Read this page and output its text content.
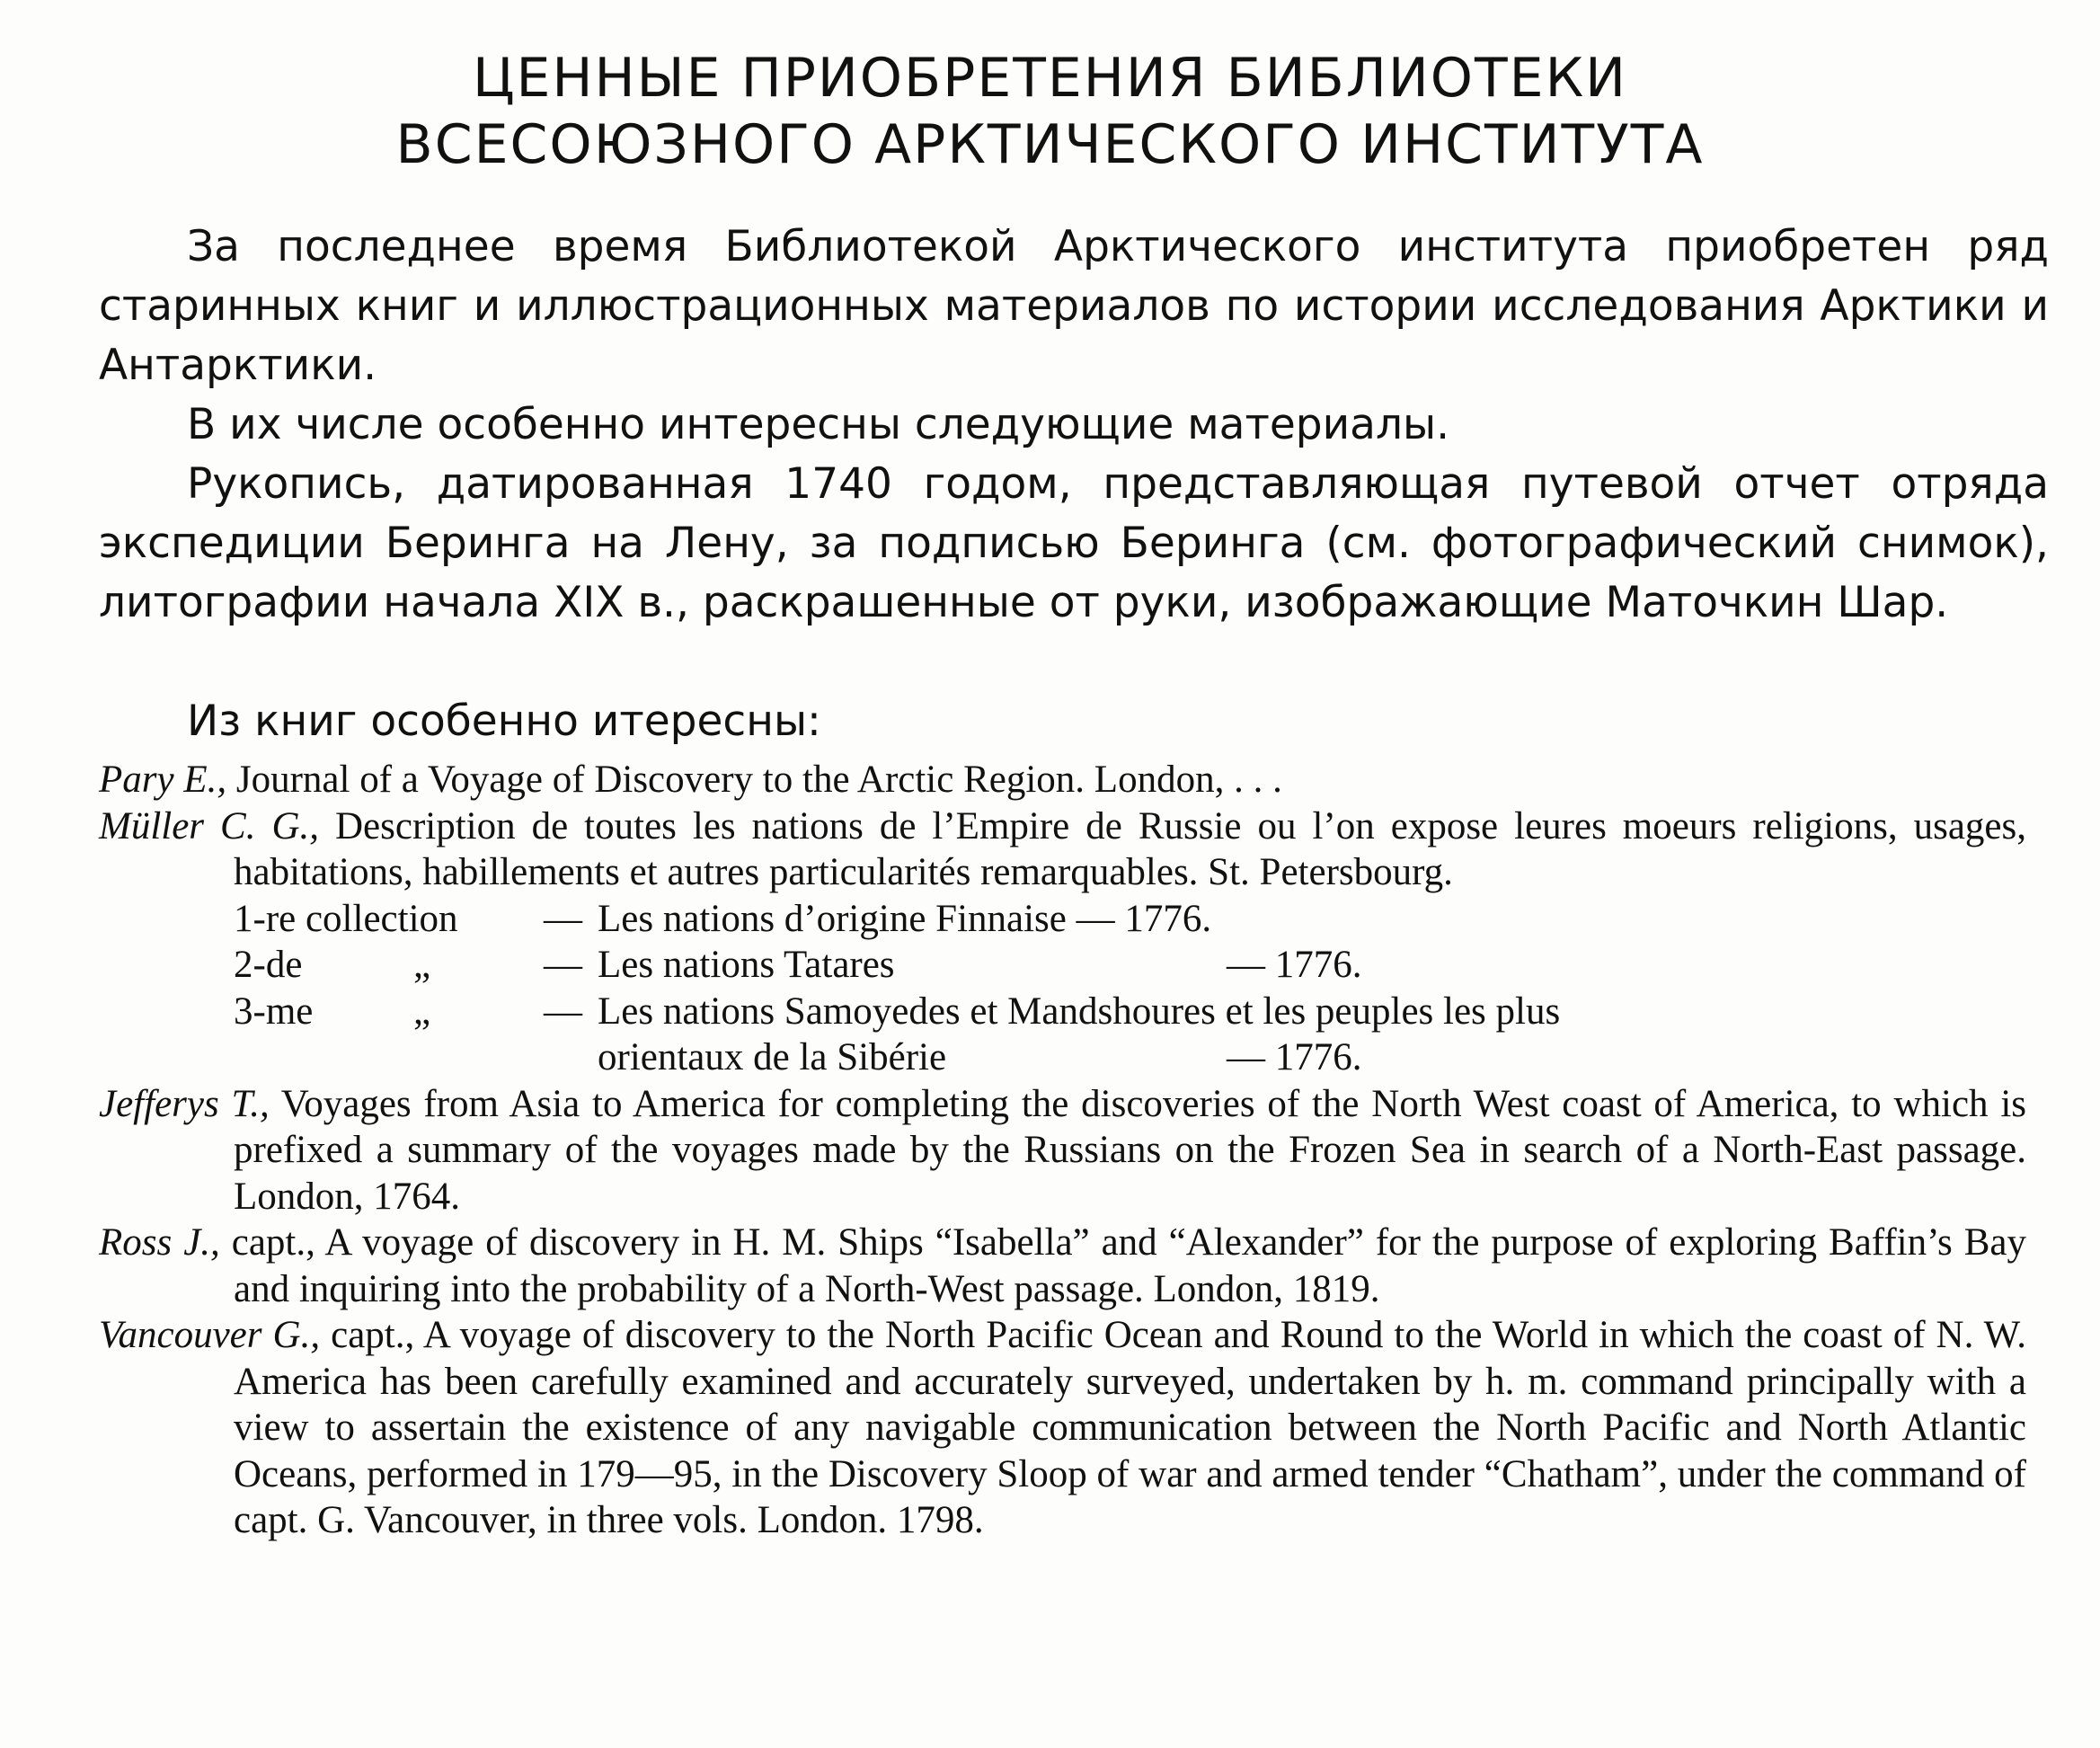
ЦЕННЫЕ ПРИОБРЕТЕНИЯ БИБЛИОТЕКИ
ВСЕСОЮЗНОГО АРКТИЧЕСКОГО ИНСТИТУТА

За последнее время Библиотекой Арктического института приобретен ряд старинных книг и иллюстрационных материалов по истории исследования Арктики и Антарктики.

В их числе особенно интересны следующие материалы.

Рукопись, датированная 1740 годом, представляющая путевой отчет отряда экспедиции Беринга на Лену, за подписью Беринга (см. фотографический снимок), литографии начала XIX в., раскрашенные от руки, изображающие Маточкин Шар.

Из книг особенно итересны:

Pary E., Journal of a Voyage of Discovery to the Arctic Region. London, . . .

Müller C. G., Description de toutes les nations de l’Empire de Russie ou l’on expose leures moeurs religions, usages, habitations, habillements et autres particularités remarquables. St. Petersbourg.

1-re collection — Les nations d’origine Finnaise — 1776.
2-de	„	— Les nations Tatares	— 1776.
3-me	„	— Les nations Samoyedes et Mandshoures et les peuples les plus
orientaux de la Sibérie	— 1776.

Jefferys T., Voyages from Asia to America for completing the discoveries of the North West coast of America, to which is prefixed a summary of the voyages made by the Russians on the Frozen Sea in search of a North-East passage. London, 1764.

Ross J., capt., A voyage of discovery in H. M. Ships “Isabella” and “Alexander” for the purpose of exploring Baffin’s Bay and inquiring into the probability of a North-West passage. London, 1819.

Vancouver G., capt., A voyage of discovery to the North Pacific Ocean and Round to the World in which the coast of N. W. America has been carefully examined and accurately surveyed, undertaken by h. m. command principally with a view to assertain the existence of any navigable communication between the North Pacific and North Atlantic Oceans, performed in 179—95, in the Discovery Sloop of war and armed tender “Chatham”, under the command of capt. G. Vancouver, in three vols. London. 1798.
